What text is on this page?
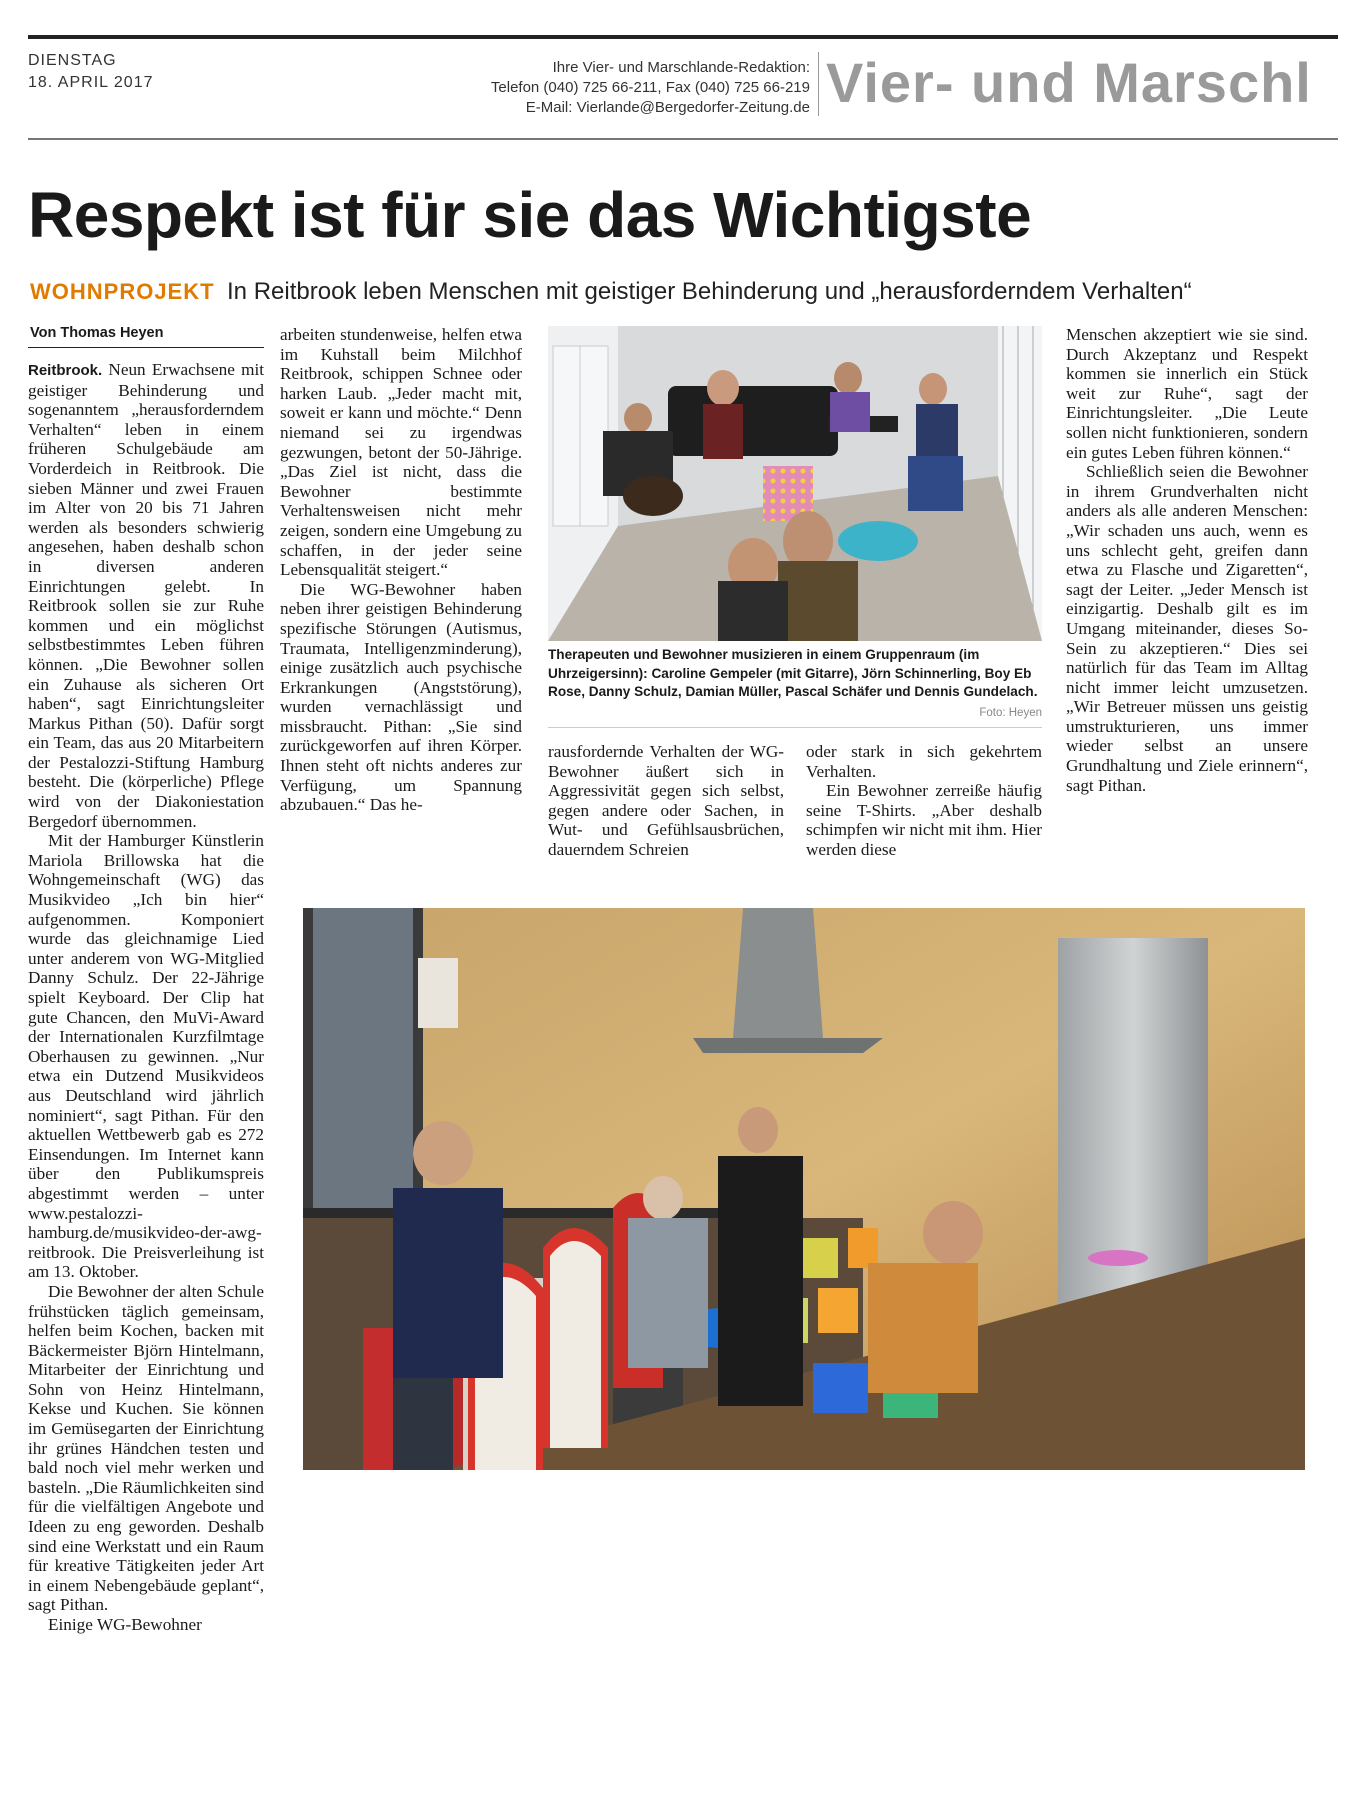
DIENSTAG
18. APRIL 2017
Ihre Vier- und Marschlande-Redaktion:
Telefon (040) 725 66-211, Fax (040) 725 66-219
E-Mail: Vierlande@Bergedorfer-Zeitung.de Vier- und Marschl
Respekt ist für sie das Wichtigste
WOHNPROJEKT In Reitbrook leben Menschen mit geistiger Behinderung und „herausforderndem Verhalten“
Von Thomas Heyen

Reitbrook. Neun Erwachsene mit geistiger Behinderung und sogenanntem „herausforderndem Verhalten“ leben in einem früheren Schulgebäude am Vorderdeich in Reitbrook. Die sieben Männer und zwei Frauen im Alter von 20 bis 71 Jahren werden als besonders schwierig angesehen, haben deshalb schon in diversen anderen Einrichtungen gelebt. In Reitbrook sollen sie zur Ruhe kommen und ein möglichst selbstbestimmtes Leben führen können. „Die Bewohner sollen ein Zuhause als sicheren Ort haben“, sagt Einrichtungsleiter Markus Pithan (50). Dafür sorgt ein Team, das aus 20 Mitarbeitern der Pestalozzi-Stiftung Hamburg besteht. Die (körperliche) Pflege wird von der Diakoniestation Bergedorf übernommen.

Mit der Hamburger Künstlerin Mariola Brillowska hat die Wohngemeinschaft (WG) das Musikvideo „Ich bin hier“ aufgenommen. Komponiert wurde das gleichnamige Lied unter anderem von WG-Mitglied Danny Schulz. Der 22-Jährige spielt Keyboard. Der Clip hat gute Chancen, den MuVi-Award der Internationalen Kurzfilmtage Oberhausen zu gewinnen. „Nur etwa ein Dutzend Musikvideos aus Deutschland wird jährlich nominiert“, sagt Pithan. Für den aktuellen Wettbewerb gab es 272 Einsendungen. Im Internet kann über den Publikumspreis abgestimmt werden – unter www.pestalozzi-hamburg.de/musikvideo-der-awg-reitbrook. Die Preisverleihung ist am 13. Oktober.

Die Bewohner der alten Schule frühstücken täglich gemeinsam, helfen beim Kochen, backen mit Bäckermeister Björn Hintelmann, Mitarbeiter der Einrichtung und Sohn von Heinz Hintelmann, Kekse und Kuchen. Sie können im Gemüsegarten der Einrichtung ihr grünes Händchen testen und bald noch viel mehr werken und basteln. „Die Räumlichkeiten sind für die vielfältigen Angebote und Ideen zu eng geworden. Deshalb sind eine Werkstatt und ein Raum für kreative Tätigkeiten jeder Art in einem Nebengebäude geplant“, sagt Pithan.

Einige WG-Bewohner

arbeiten stundenweise, helfen etwa im Kuhstall beim Milchhof Reitbrook, schippen Schnee oder harken Laub. „Jeder macht mit, soweit er kann und möchte.“ Denn niemand sei zu irgendwas gezwungen, betont der 50-Jährige. „Das Ziel ist nicht, dass die Bewohner bestimmte Verhaltensweisen nicht mehr zeigen, sondern eine Umgebung zu schaffen, in der jeder seine Lebensqualität steigert.“

Die WG-Bewohner haben neben ihrer geistigen Behinderung spezifische Störungen (Autismus, Traumata, Intelligenzminderung), einige zusätzlich auch psychische Erkrankungen (Angststörung), wurden vernachlässigt und missbraucht. Pithan: „Sie sind zurückgeworfen auf ihren Körper. Ihnen steht oft nichts anderes zur Verfügung, um Spannung abzubauen.“ Das he-

Therapeuten und Bewohner musizieren in einem Gruppenraum (im Uhrzeigersinn): Caroline Gempeler (mit Gitarre), Jörn Schinnerling, Boy Eb Rose, Danny Schulz, Damian Müller, Pascal Schäfer und Dennis Gundelach.
Foto: Heyen

rausfordernde Verhalten der WG-Bewohner äußert sich in Aggressivität gegen sich selbst, gegen andere oder Sachen, in Wut- und Gefühlsausbrüchen, dauerndem Schreien

oder stark in sich gekehrtem Verhalten.

Ein Bewohner zerreiße häufig seine T-Shirts. „Aber deshalb schimpfen wir nicht mit ihm. Hier werden diese

Menschen akzeptiert wie sie sind. Durch Akzeptanz und Respekt kommen sie innerlich ein Stück weit zur Ruhe“, sagt der Einrichtungsleiter. „Die Leute sollen nicht funktionieren, sondern ein gutes Leben führen können.“

Schließlich seien die Bewohner in ihrem Grundverhalten nicht anders als alle anderen Menschen: „Wir schaden uns auch, wenn es uns schlecht geht, greifen dann etwa zu Flasche und Zigaretten“, sagt der Leiter. „Jeder Mensch ist einzigartig. Deshalb gilt es im Umgang miteinander, dieses So-Sein zu akzeptieren.“ Dies sei natürlich für das Team im Alltag nicht immer leicht umzusetzen. „Wir Betreuer müssen uns geistig umstrukturieren, uns immer wieder selbst an unsere Grundhaltung und Ziele erinnern“, sagt Pithan.
